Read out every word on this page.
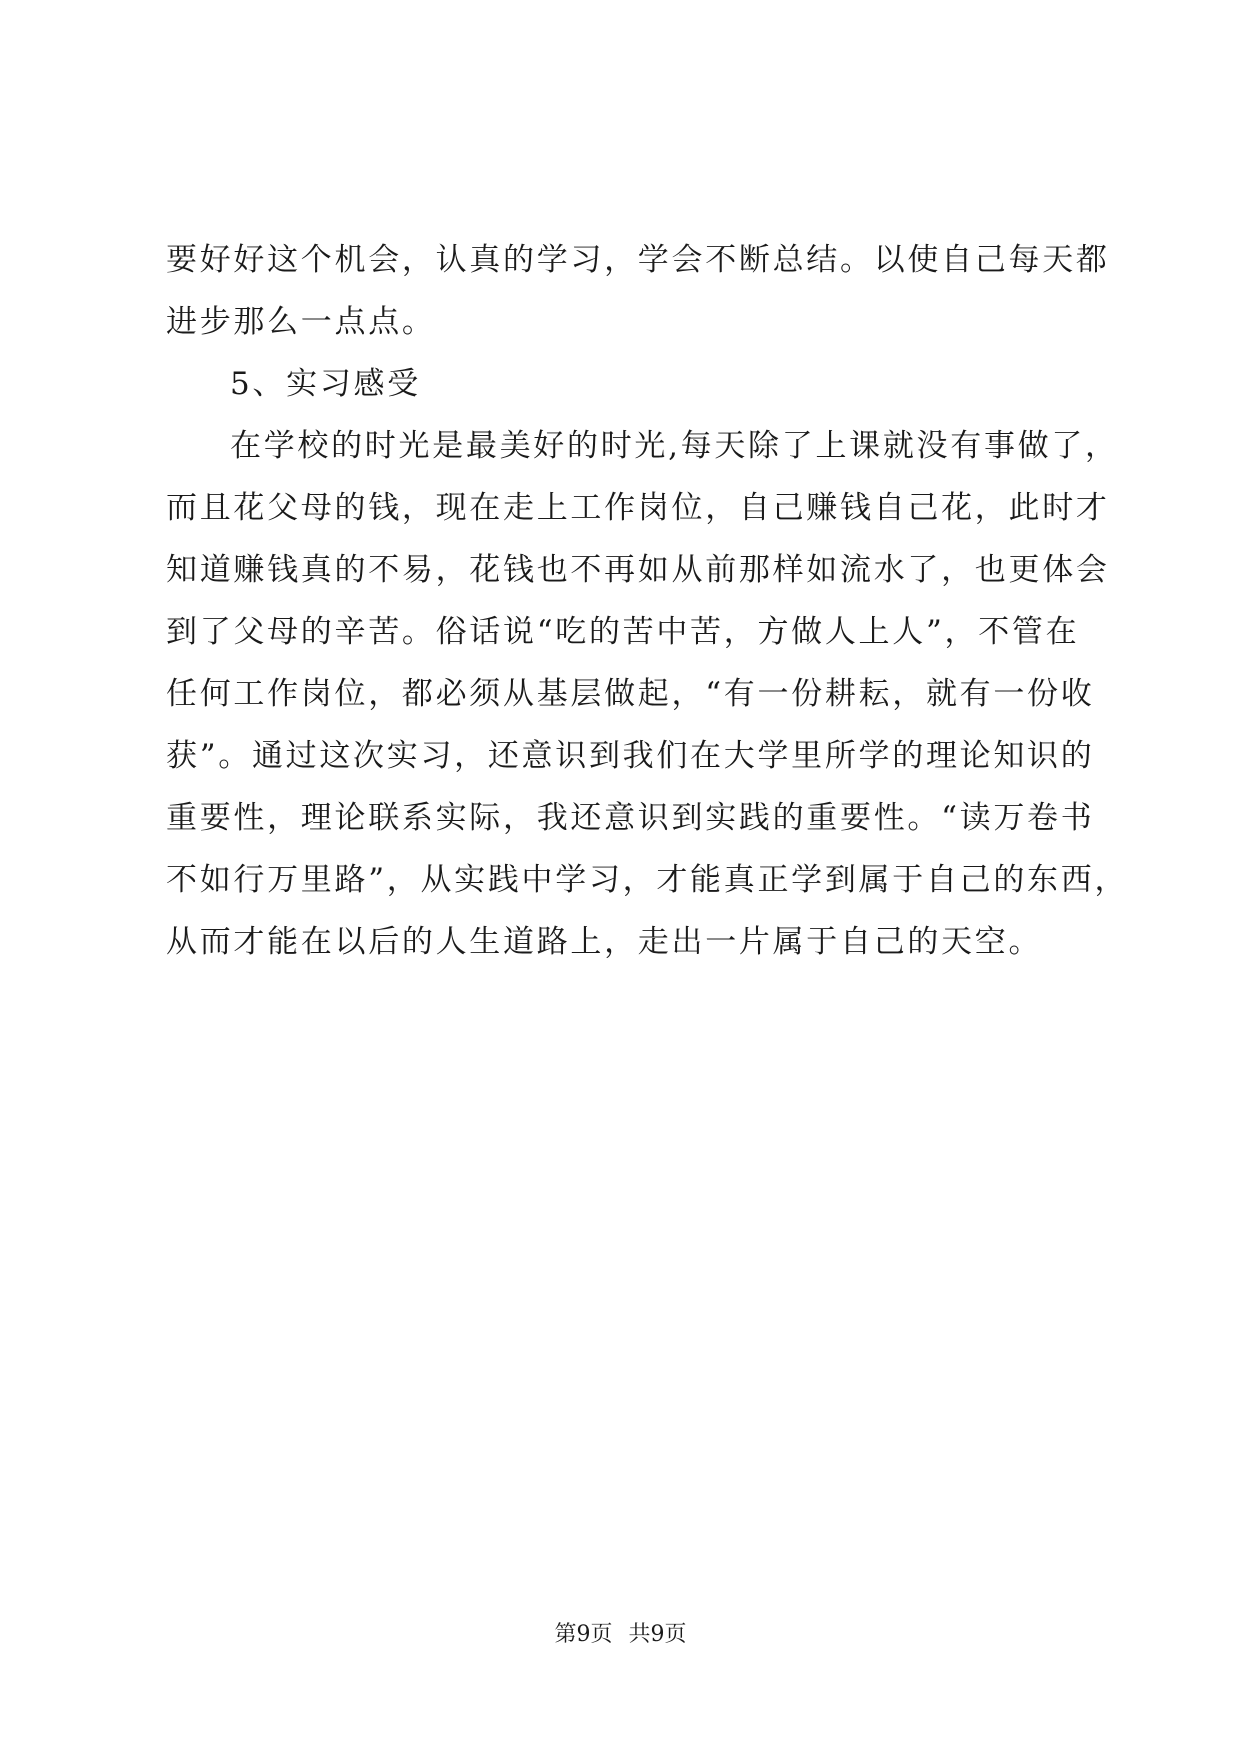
要好好这个机会，认真的学习，学会不断总结。以使自己每天都
进步那么一点点。
5、实习感受
在学校的时光是最美好的时光,每天除了上课就没有事做了，
而且花父母的钱，现在走上工作岗位，自己赚钱自己花，此时才
知道赚钱真的不易，花钱也不再如从前那样如流水了，也更体会
到了父母的辛苦。俗话说“吃的苦中苦，方做人上人”，不管在
任何工作岗位，都必须从基层做起，“有一份耕耘，就有一份收
获”。通过这次实习，还意识到我们在大学里所学的理论知识的
重要性，理论联系实际，我还意识到实践的重要性。“读万卷书
不如行万里路”，从实践中学习，才能真正学到属于自己的东西，
从而才能在以后的人生道路上，走出一片属于自己的天空。
第9页 共9页
